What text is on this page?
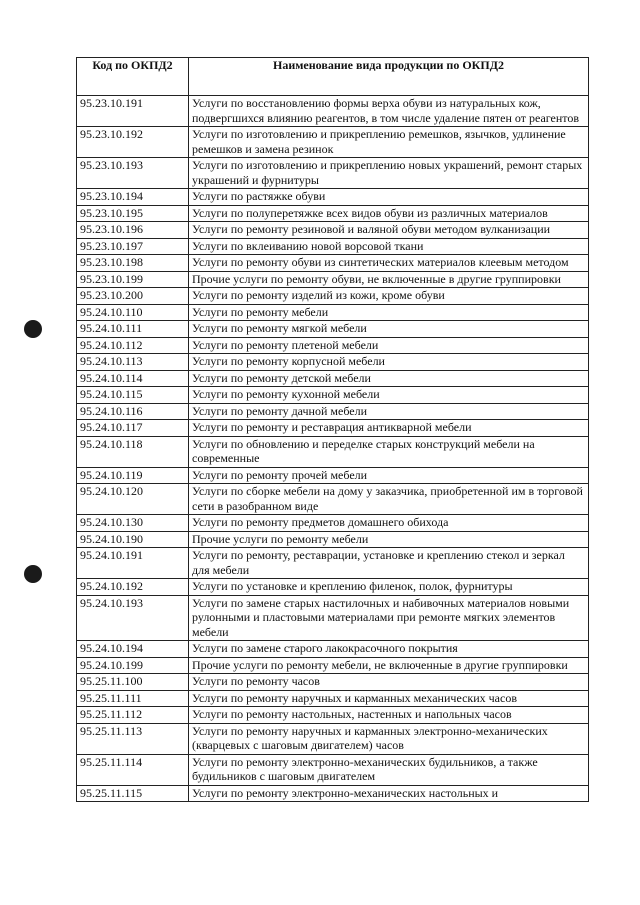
Код по ОКПД2	Наименование вида продукции по ОКПД2
95.23.10.191	Услуги по восстановлению формы верха обуви из натуральных кож, подвергшихся влиянию реагентов, в том числе удаление пятен от реагентов
95.23.10.192	Услуги по изготовлению и прикреплению ремешков, язычков, удлинение ремешков и замена резинок
95.23.10.193	Услуги по изготовлению и прикреплению новых украшений, ремонт старых украшений и фурнитуры
95.23.10.194	Услуги по растяжке обуви
95.23.10.195	Услуги по полуперетяжке всех видов обуви из различных материалов
95.23.10.196	Услуги по ремонту резиновой и валяной обуви методом вулканизации
95.23.10.197	Услуги по вклеиванию новой ворсовой ткани
95.23.10.198	Услуги по ремонту обуви из синтетических материалов клеевым методом
95.23.10.199	Прочие услуги по ремонту обуви, не включенные в другие группировки
95.23.10.200	Услуги по ремонту изделий из кожи, кроме обуви
95.24.10.110	Услуги по ремонту мебели
95.24.10.111	Услуги по ремонту мягкой мебели
95.24.10.112	Услуги по ремонту плетеной мебели
95.24.10.113	Услуги по ремонту корпусной мебели
95.24.10.114	Услуги по ремонту детской мебели
95.24.10.115	Услуги по ремонту кухонной мебели
95.24.10.116	Услуги по ремонту дачной мебели
95.24.10.117	Услуги по ремонту и реставрация антикварной мебели
95.24.10.118	Услуги по обновлению и переделке старых конструкций мебели на современные
95.24.10.119	Услуги по ремонту прочей мебели
95.24.10.120	Услуги по сборке мебели на дому у заказчика, приобретенной им в торговой сети в разобранном виде
95.24.10.130	Услуги по ремонту предметов домашнего обихода
95.24.10.190	Прочие услуги по ремонту мебели
95.24.10.191	Услуги по ремонту, реставрации, установке и креплению стекол и зеркал для мебели
95.24.10.192	Услуги по установке и креплению филенок, полок, фурнитуры
95.24.10.193	Услуги по замене старых настилочных и набивочных материалов новыми рулонными и пластовыми материалами при ремонте мягких элементов мебели
95.24.10.194	Услуги по замене старого лакокрасочного покрытия
95.24.10.199	Прочие услуги по ремонту мебели, не включенные в другие группировки
95.25.11.100	Услуги по ремонту часов
95.25.11.111	Услуги по ремонту наручных и карманных механических часов
95.25.11.112	Услуги по ремонту настольных, настенных и напольных часов
95.25.11.113	Услуги по ремонту наручных и карманных электронно-механических (кварцевых с шаговым двигателем) часов
95.25.11.114	Услуги по ремонту электронно-механических будильников, а также будильников с шаговым двигателем
95.25.11.115	Услуги по ремонту электронно-механических настольных и
